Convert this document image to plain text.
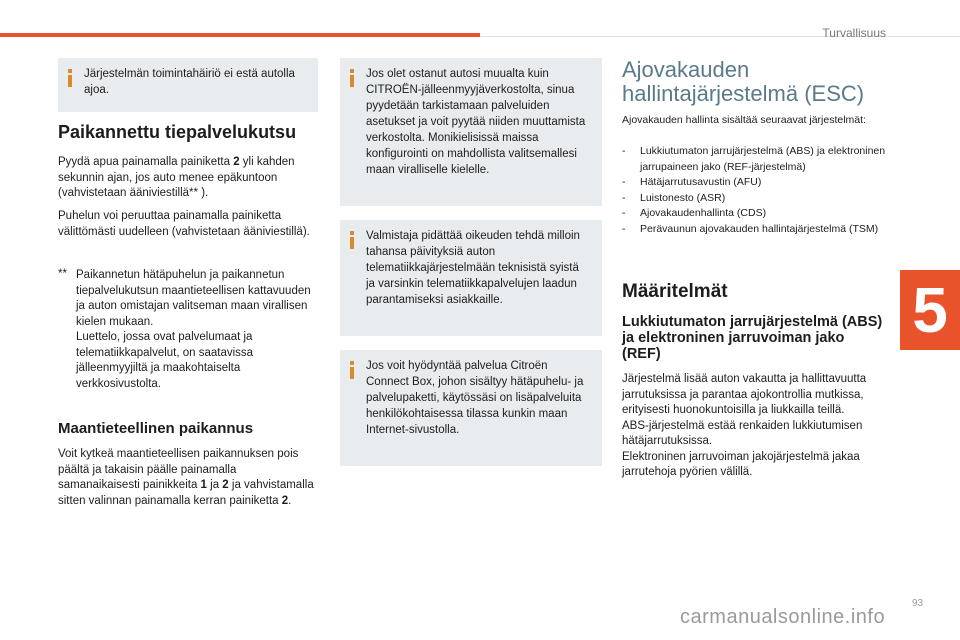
Turvallisuus
5
Järjestelmän toimintahäiriö ei estä autolla ajoa.
Paikannettu tiepalvelukutsu

Pyydä apua painamalla painiketta 2 yli kahden sekunnin ajan, jos auto menee epäkuntoon (vahvistetaan ääniviestillä** ).

Puhelun voi peruuttaa painamalla painiketta välittömästi uudelleen (vahvistetaan ääniviestillä).

** Paikannetun hätäpuhelun ja paikannetun tiepalvelukutsun maantieteellisen kattavuuden ja auton omistajan valitseman maan virallisen kielen mukaan.
Luettelo, jossa ovat palvelumaat ja telematiikkapalvelut, on saatavissa jälleenmyyjiltä ja maakohtaiselta verkkosivustolta.
Maantieteellinen paikannus

Voit kytkeä maantieteellisen paikannuksen pois päältä ja takaisin päälle painamalla samanaikaisesti painikkeita 1 ja 2 ja vahvistamalla sitten valinnan painamalla kerran painiketta 2.

Jos olet ostanut autosi muualta kuin CITROËN-jälleenmyyjäverkostolta, sinua pyydetään tarkistamaan palveluiden asetukset ja voit pyytää niiden muuttamista verkostolta. Monikielisissä maissa konfigurointi on mahdollista valitsemallesi maan viralliselle kielelle.
Valmistaja pidättää oikeuden tehdä milloin tahansa päivityksiä auton telematiikkajärjestelmään teknisistä syistä ja varsinkin telematiikkapalvelujen laadun parantamiseksi asiakkaille.
Jos voit hyödyntää palvelua Citroën Connect Box, johon sisältyy hätäpuhelu- ja palvelupaketti, käytössäsi on lisäpalveluita henkilökohtaisessa tilassa kunkin maan Internet-sivustolla.
Ajovakauden
hallintajärjestelmä (ESC)

Ajovakauden hallinta sisältää seuraavat järjestelmät:

- Lukkiutumaton jarrujärjestelmä (ABS) ja elektroninen jarrupaineen jako (REF-järjestelmä)
- Hätäjarrutusavustin (AFU)
- Luistonesto (ASR)
- Ajovakaudenhallinta (CDS)
- Perävaunun ajovakauden hallintajärjestelmä (TSM)
Määritelmät
Lukkiutumaton jarrujärjestelmä (ABS) ja elektroninen jarruvoiman jako (REF)
Järjestelmä lisää auton vakautta ja hallittavuutta jarrutuksissa ja parantaa ajokontrollia mutkissa, erityisesti huonokuntoisilla ja liukkailla teillä.
ABS-järjestelmä estää renkaiden lukkiutumisen hätäjarrutuksissa.
Elektroninen jarruvoiman jakojärjestelmä jakaa jarrutehoja pyörien välillä.
93
carmanualsonline.info
